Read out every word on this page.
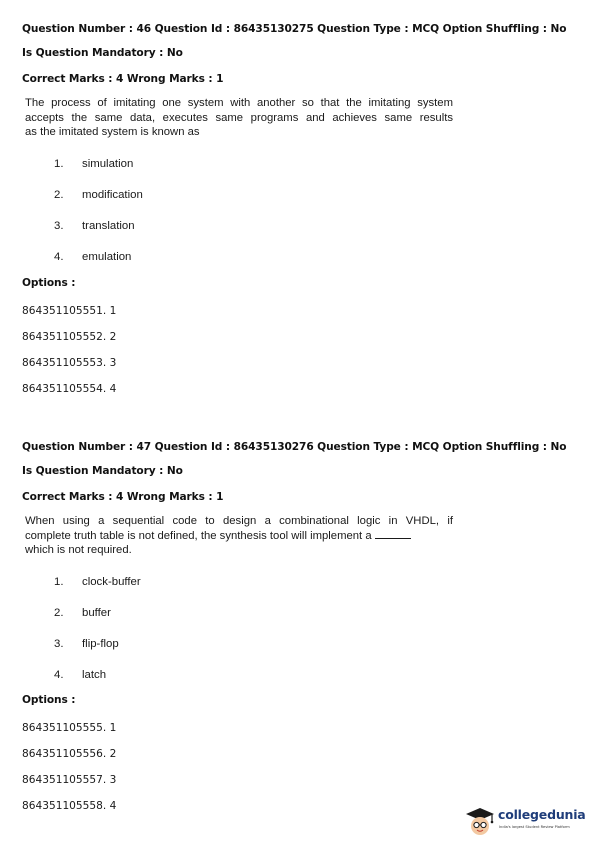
Question Number : 46 Question Id : 86435130275 Question Type : MCQ Option Shuffling : No
Is Question Mandatory : No
Correct Marks : 4 Wrong Marks : 1
The process of imitating one system with another so that the imitating system
accepts the same data, executes same programs and achieves same results
as the imitated system is known as
1. simulation
2. modification
3. translation
4. emulation
Options :
864351105551. 1
864351105552. 2
864351105553. 3
864351105554. 4
Question Number : 47 Question Id : 86435130276 Question Type : MCQ Option Shuffling : No
Is Question Mandatory : No
Correct Marks : 4 Wrong Marks : 1
When using a sequential code to design a combinational logic in VHDL, if
complete truth table is not defined, the synthesis tool will implement a
which is not required.
1. clock-buffer
2. buffer
3. flip-flop
4. latch
Options :
864351105555. 1
864351105556. 2
864351105557. 3
864351105558. 4
collegedunia
India's largest Student Review Platform
